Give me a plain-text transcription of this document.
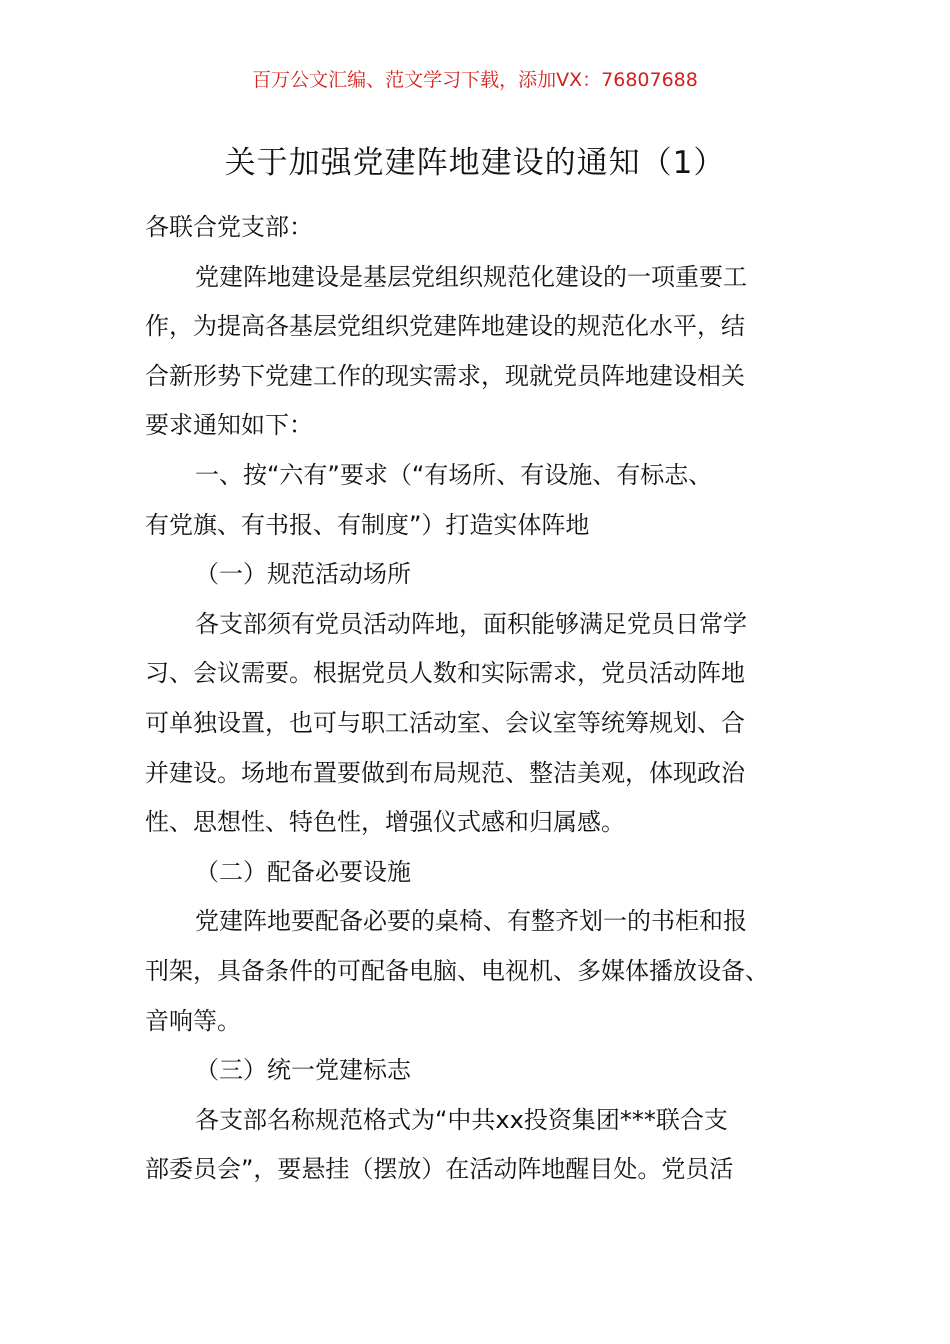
百万公文汇编、范文学习下载，添加VX：76807688
关于加强党建阵地建设的通知（1）
各联合党支部：
党建阵地建设是基层党组织规范化建设的一项重要工
作，为提高各基层党组织党建阵地建设的规范化水平，结
合新形势下党建工作的现实需求，现就党员阵地建设相关
要求通知如下：
一、按“六有”要求（“有场所、有设施、有标志、
有党旗、有书报、有制度”）打造实体阵地
（一）规范活动场所
各支部须有党员活动阵地，面积能够满足党员日常学
习、会议需要。根据党员人数和实际需求，党员活动阵地
可单独设置，也可与职工活动室、会议室等统筹规划、合
并建设。场地布置要做到布局规范、整洁美观，体现政治
性、思想性、特色性，增强仪式感和归属感。
（二）配备必要设施
党建阵地要配备必要的桌椅、有整齐划一的书柜和报
刊架，具备条件的可配备电脑、电视机、多媒体播放设备、
音响等。
（三）统一党建标志
各支部名称规范格式为“中共xx投资集团***联合支
部委员会”，要悬挂（摆放）在活动阵地醒目处。党员活
